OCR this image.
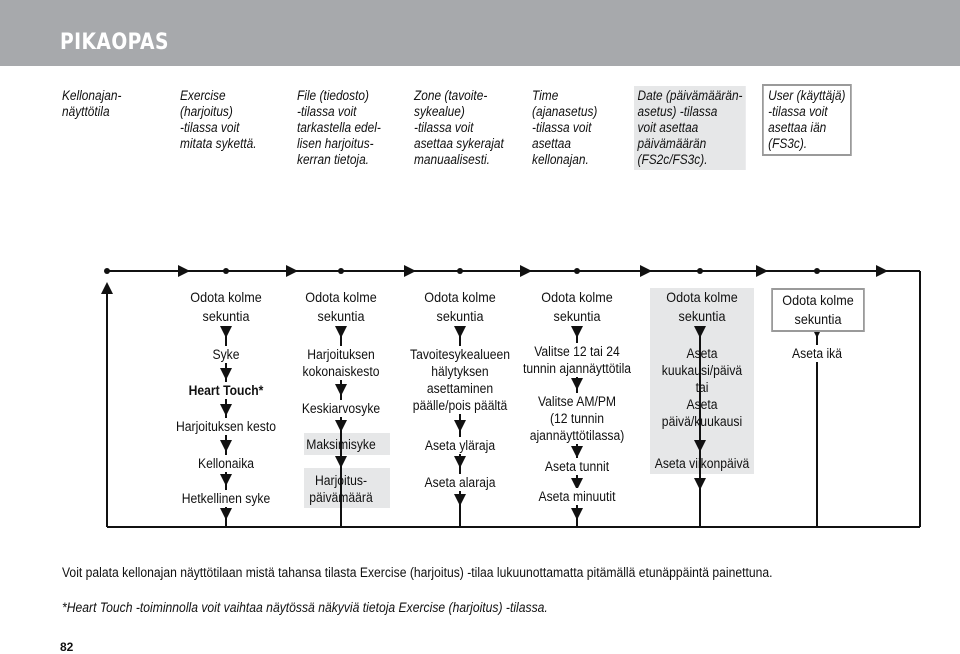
PIKAOPAS
Kellonajan-
näyttötila
Exercise
(harjoitus)
-tilassa voit
mitata sykettä.
File (tiedosto)
-tilassa voit
tarkastella edel-
lisen harjoitus-
kerran tietoja.
Zone (tavoite-
sykealue)
-tilassa voit
asettaa sykerajat
manuaalisesti.
Time
(ajanasetus)
-tilassa voit
asettaa
kellonajan.
Date (päivämäärän-
asetus) -tilassa
voit asettaa
päivämäärän
(FS2c/FS3c).
User (käyttäjä)
-tilassa voit
asettaa iän
(FS3c).
Odota kolme
sekuntia
Odota kolme
sekuntia
Odota kolme
sekuntia
Odota kolme
sekuntia
Odota kolme
sekuntia
Odota kolme
sekuntia
Syke
Heart Touch*
Harjoituksen kesto
Kellonaika
Hetkellinen syke
Harjoituksen
kokonaiskesto
Keskiarvosyke
Maksimisyke
Harjoitus-
päivämäärä
Tavoitesykealueen
hälytyksen
asettaminen
päälle/pois päältä
Aseta yläraja
Aseta alaraja
Valitse 12 tai 24
tunnin ajannäyttötila
Valitse AM/PM
(12 tunnin
ajannäyttötilassa)
Aseta tunnit
Aseta minuutit
Aseta
kuukausi/päivä
tai
Aseta
päivä/kuukausi
Aseta viikonpäivä
Aseta ikä
Voit palata kellonajan näyttötilaan mistä tahansa tilasta Exercise (harjoitus) -tilaa lukuunottamatta pitämällä etunäppäintä painettuna.
*Heart Touch -toiminnolla voit vaihtaa näytössä näkyviä tietoja Exercise (harjoitus) -tilassa.
82
